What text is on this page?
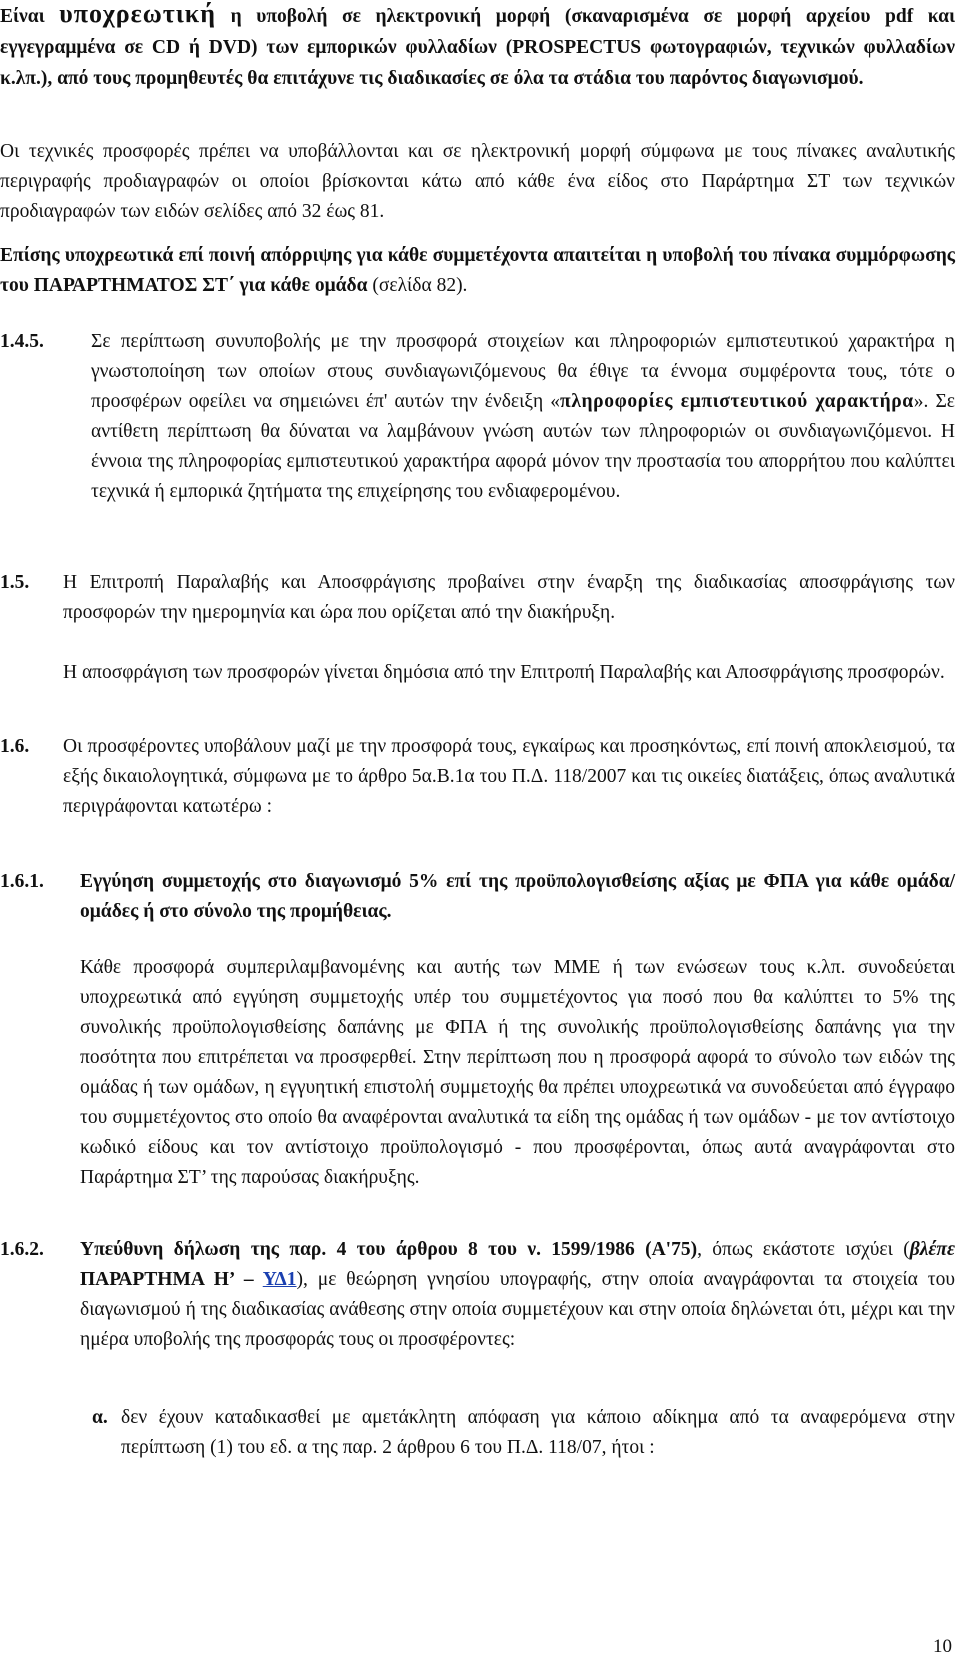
Είναι υποχρεωτική η υποβολή σε ηλεκτρονική μορφή (σκαναρισμένα σε μορφή αρχείου pdf και εγγεγραμμένα σε CD ή DVD) των εμπορικών φυλλαδίων (PROSPECTUS φωτογραφιών, τεχνικών φυλλαδίων κ.λπ.), από τους προμηθευτές θα επιτάχυνε τις διαδικασίες σε όλα τα στάδια του παρόντος διαγωνισμού.

Οι τεχνικές προσφορές πρέπει να υποβάλλονται και σε ηλεκτρονική μορφή σύμφωνα με τους πίνακες αναλυτικής περιγραφής προδιαγραφών οι οποίοι βρίσκονται κάτω από κάθε ένα είδος στο Παράρτημα ΣΤ των τεχνικών προδιαγραφών των ειδών σελίδες από 32 έως 81.

Επίσης υποχρεωτικά επί ποινή απόρριψης για κάθε συμμετέχοντα απαιτείται η υποβολή του πίνακα συμμόρφωσης του ΠΑΡΑΡΤΗΜΑΤΟΣ ΣΤ΄ για κάθε ομάδα (σελίδα 82).

1.4.5. Σε περίπτωση συνυποβολής με την προσφορά στοιχείων και πληροφοριών εμπιστευτικού χαρακτήρα η γνωστοποίηση των οποίων στους συνδιαγωνιζόμενους θα έθιγε τα έννομα συμφέροντα τους, τότε ο προσφέρων οφείλει να σημειώνει έπ' αυτών την ένδειξη «πληροφορίες εμπιστευτικού χαρακτήρα». Σε αντίθετη περίπτωση θα δύναται να λαμβάνουν γνώση αυτών των πληροφοριών οι συνδιαγωνιζόμενοι. Η έννοια της πληροφορίας εμπιστευτικού χαρακτήρα αφορά μόνον την προστασία του απορρήτου που καλύπτει τεχνικά ή εμπορικά ζητήματα της επιχείρησης του ενδιαφερομένου.

1.5. Η Επιτροπή Παραλαβής και Αποσφράγισης προβαίνει στην έναρξη της διαδικασίας αποσφράγισης των προσφορών την ημερομηνία και ώρα που ορίζεται από την διακήρυξη.

Η αποσφράγιση των προσφορών γίνεται δημόσια από την Επιτροπή Παραλαβής και Αποσφράγισης προσφορών.

1.6. Οι προσφέροντες υποβάλουν μαζί με την προσφορά τους, εγκαίρως και προσηκόντως, επί ποινή αποκλεισμού, τα εξής δικαιολογητικά, σύμφωνα με το άρθρο 5α.Β.1α του Π.Δ. 118/2007 και τις οικείες διατάξεις, όπως αναλυτικά περιγράφονται κατωτέρω :

1.6.1. Εγγύηση συμμετοχής στο διαγωνισμό 5% επί της προϋπολογισθείσης αξίας με ΦΠΑ για κάθε ομάδα/ομάδες ή στο σύνολο της προμήθειας.

Κάθε προσφορά συμπεριλαμβανομένης και αυτής των ΜΜΕ ή των ενώσεων τους κ.λπ. συνοδεύεται υποχρεωτικά από εγγύηση συμμετοχής υπέρ του συμμετέχοντος για ποσό που θα καλύπτει το 5% της συνολικής προϋπολογισθείσης δαπάνης με ΦΠΑ ή της συνολικής προϋπολογισθείσης δαπάνης για την ποσότητα που επιτρέπεται να προσφερθεί. Στην περίπτωση που η προσφορά αφορά το σύνολο των ειδών της ομάδας ή των ομάδων, η εγγυητική επιστολή συμμετοχής θα πρέπει υποχρεωτικά να συνοδεύεται από έγγραφο του συμμετέχοντος στο οποίο θα αναφέρονται αναλυτικά τα είδη της ομάδας ή των ομάδων - με τον αντίστοιχο κωδικό είδους και τον αντίστοιχο προϋπολογισμό - που προσφέρονται, όπως αυτά αναγράφονται στο Παράρτημα ΣΤ’ της παρούσας διακήρυξης.

1.6.2. Υπεύθυνη δήλωση της παρ. 4 του άρθρου 8 του ν. 1599/1986 (Α'75), όπως εκάστοτε ισχύει (βλέπε ΠΑΡΑΡΤΗΜΑ Η’ – ΥΔ1), με θεώρηση γνησίου υπογραφής, στην οποία αναγράφονται τα στοιχεία του διαγωνισμού ή της διαδικασίας ανάθεσης στην οποία συμμετέχουν και στην οποία δηλώνεται ότι, μέχρι και την ημέρα υποβολής της προσφοράς τους οι προσφέροντες:

α. δεν έχουν καταδικασθεί με αμετάκλητη απόφαση για κάποιο αδίκημα από τα αναφερόμενα στην περίπτωση (1) του εδ. α της παρ. 2 άρθρου 6 του Π.Δ. 118/07, ήτοι :

10
